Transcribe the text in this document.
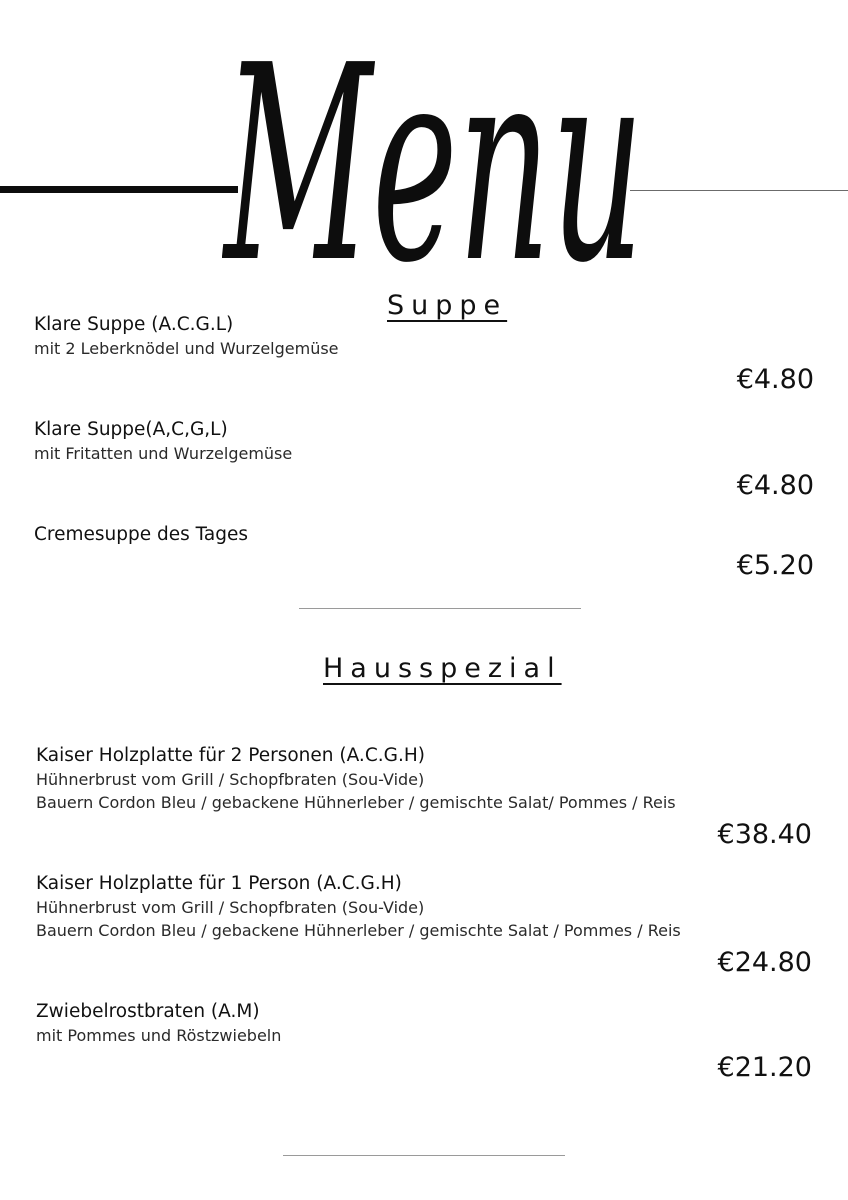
Menu
Suppe
Klare Suppe (A.C.G.L)
mit 2 Leberknödel und Wurzelgemüse
€4.80
Klare Suppe(A,C,G,L)
mit Fritatten und Wurzelgemüse
€4.80
Cremesuppe des Tages
€5.20
Hausspezial
Kaiser Holzplatte für 2 Personen (A.C.G.H)
Hühnerbrust vom Grill / Schopfbraten (Sou-Vide)
Bauern Cordon Bleu / gebackene Hühnerleber / gemischte Salat/ Pommes / Reis
€38.40
Kaiser Holzplatte für 1 Person (A.C.G.H)
Hühnerbrust vom Grill / Schopfbraten (Sou-Vide)
Bauern Cordon Bleu / gebackene Hühnerleber / gemischte Salat / Pommes / Reis
€24.80
Zwiebelrostbraten (A.M)
mit Pommes und Röstzwiebeln
€21.20
